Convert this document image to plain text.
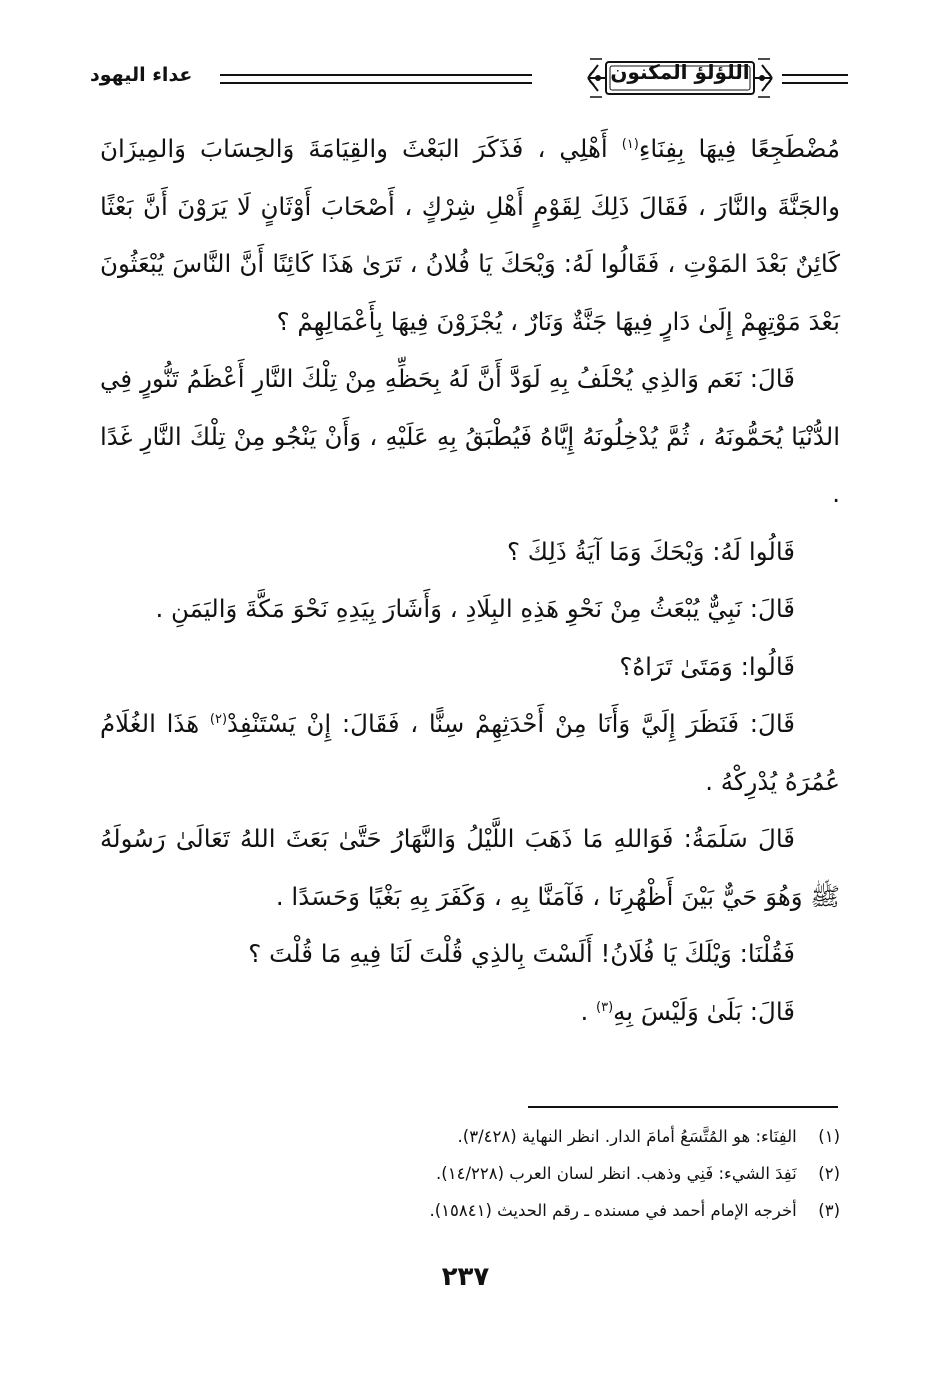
اللؤلؤ المكنون
عداء اليهود

مُضْطَجِعًا فِيهَا بِفِنَاءِ$^{(١)}$ أَهْلِي ، فَذَكَرَ البَعْثَ والقِيَامَةَ وَالحِسَابَ وَالمِيزَانَ والجَنَّةَ والنَّارَ ، فَقَالَ ذَلِكَ لِقَوْمٍ أَهْلِ شِرْكٍ ، أَصْحَابَ أَوْثَانٍ لَا يَرَوْنَ أَنَّ بَعْثًا كَائِنٌ بَعْدَ المَوْتِ ، فَقَالُوا لَهُ: وَيْحَكَ يَا فُلانُ ، تَرَىٰ هَذَا كَائِنًا أَنَّ النَّاسَ يُبْعَثُونَ بَعْدَ مَوْتِهِمْ إِلَىٰ دَارٍ فِيهَا جَنَّةٌ وَنَارٌ ، يُجْزَوْنَ فِيهَا بِأَعْمَالِهِمْ ؟

قَالَ: نَعَم وَالذِي يُحْلَفُ بِهِ لَوَدَّ أَنَّ لَهُ بِحَظِّهِ مِنْ تِلْكَ النَّارِ أَعْظَمُ تَنُّورٍ فِي الدُّنْيَا يُحَمُّونَهُ ، ثُمَّ يُدْخِلُونَهُ إِيَّاهُ فَيُطْبَقُ بِهِ عَلَيْهِ ، وَأَنْ يَنْجُو مِنْ تِلْكَ النَّارِ غَدًا .

قَالُوا لَهُ: وَيْحَكَ وَمَا آيَةُ ذَلِكَ ؟

قَالَ: نَبِيٌّ يُبْعَثُ مِنْ نَحْوِ هَذِهِ البِلَادِ ، وَأَشَارَ بِيَدِهِ نَحْوَ مَكَّةَ وَاليَمَنِ .

قَالُوا: وَمَتَىٰ تَرَاهُ؟

قَالَ: فَنَظَرَ إِلَيَّ وَأَنَا مِنْ أَحْدَثِهِمْ سِنًّا ، فَقَالَ: إِنْ يَسْتَنْفِدْ$^{(٢)}$ هَذَا الغُلَامُ عُمُرَهُ يُدْرِكْهُ .

قَالَ سَلَمَةُ: فَوَاللهِ مَا ذَهَبَ اللَّيْلُ وَالنَّهَارُ حَتَّىٰ بَعَثَ اللهُ تَعَالَىٰ رَسُولَهُ ﷺ وَهُوَ حَيٌّ بَيْنَ أَظْهُرِنَا ، فَآمَنَّا بِهِ ، وَكَفَرَ بِهِ بَغْيًا وَحَسَدًا .

فَقُلْنَا: وَيْلَكَ يَا فُلَانُ! أَلَسْتَ بِالذِي قُلْتَ لَنَا فِيهِ مَا قُلْتَ ؟

قَالَ: بَلَىٰ وَلَيْسَ بِهِ$^{(٣)}$ .

(١) الفِنَاء: هو المُتَّسَعُ أمامَ الدار. انظر النهاية (٣/٤٢٨).
(٢) نَفِدَ الشيء: فَنِي وذهب. انظر لسان العرب (١٤/٢٢٨).
(٣) أخرجه الإمام أحمد في مسنده ـ رقم الحديث (١٥٨٤١).
٢٣٧
